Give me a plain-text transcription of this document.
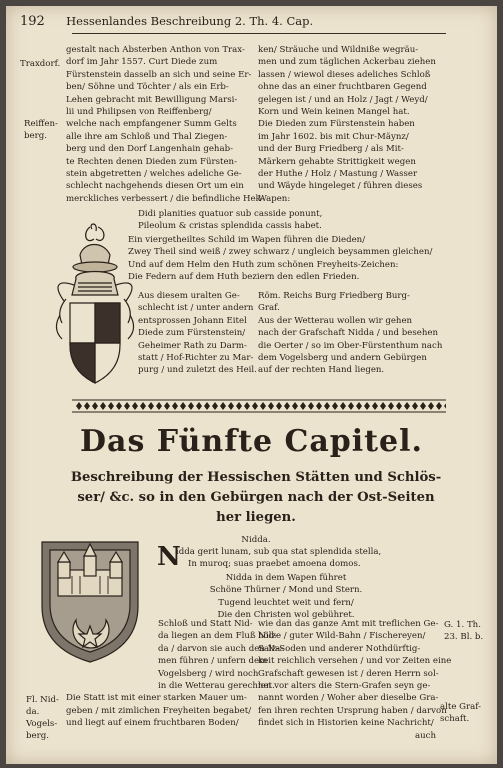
192 Hessenlandes Beschreibung 2. Th. 4. Cap.
Traxdorf.
Reiffen-
berg.
Fl. Nid-
da.
Vogels-
berg.
G. 1. Th.
23. Bl. b.
alte Graf-
schaft.
gestalt nach Absterben Anthon von Trax-
dorf im Jahr 1557. Curt Diede zum
Fürstenstein dasselb an sich und seine Er-
ben/ Söhne und Töchter / als ein Erb-
Lehen gebracht mit Bewilligung Marsi-
lii und Philipsen von Reiffenberg/
welche nach empfangener Summ Gelts
alle ihre am Schloß und Thal Ziegen-
berg und den Dorf Langenhain gehab-
te Rechten denen Dieden zum Fürsten-
stein abgetretten / welches adeliche Ge-
schlecht nachgehends diesen Ort um ein
merckliches verbessert / die befindliche Hek-
ken/ Sträuche und Wildniße wegräu-
men und zum täglichen Ackerbau ziehen
lassen / wiewol dieses adeliches Schloß
ohne das an einer fruchtbaren Gegend
gelegen ist / und an Holz / Jagt / Weyd/
Korn und Wein keinen Mangel hat.
Die Dieden zum Fürstenstein haben
im Jahr 1602. bis mit Chur-Mäynz/
und der Burg Friedberg / als Mit-
Märkern gehabte Strittigkeit wegen
der Huthe / Holz / Mastung / Wasser
und Wäyde hingeleget / führen dieses
Wapen:
Didi planities quatuor sub casside ponunt,
Pileolum & cristas splendida cassis habet.
Ein viergetheiltes Schild im Wapen führen die Dieden/
Zwey Theil sind weiß / zwey schwarz / ungleich beysammen gleichen/
Und auf dem Helm den Huth zum schönen Freyheits-Zeichen:
Die Federn auf dem Huth beziern den edlen Frieden.
Aus diesem uralten Ge-
schlecht ist / unter andern
entsprossen Johann Eitel
Diede zum Fürstenstein/
Geheimer Rath zu Darm-
statt / Hof-Richter zu Mar-
purg / und zuletzt des Heil.
Röm. Reichs Burg Friedberg Burg-
Graf.
Aus der Wetterau wollen wir gehen
nach der Grafschaft Nidda / und besehen
die Oerter / so im Ober-Fürstenthum nach
dem Vogelsberg und andern Gebürgen
auf der rechten Hand liegen.
Das Fünfte Capitel.
Beschreibung der Hessischen Stätten und Schlös-
ser/ &c. so in den Gebürgen nach der Ost-Seiten
her liegen.
Nidda.
N
idda gerit lunam, sub qua stat splendida stella,
In muroq; suas praebet amoena domos.
Nidda in dem Wapen führet
Schöne Thürner / Mond und Stern.
Tugend leuchtet weit und fern/
Die den Christen wol gebühret.
Schloß und Statt Nid-
da liegen an dem Fluß Nid-
da / darvon sie auch den Na-
men führen / unfern dem
Vogelsberg / wird noch
in die Wetterau gerechnet.
Die Statt ist mit einer starken Mauer um-
geben / mit zimlichen Freyheiten begabet/
und liegt auf einem fruchtbaren Boden/
wie dan das ganze Amt mit treflichen Ge-
hölze / guter Wild-Bahn / Fischereyen/
Salz-Soden und anderer Nothdürftig-
keit reichlich versehen / und vor Zeiten eine
Grafschaft gewesen ist / deren Herrn sol-
len vor alters die Stern-Grafen seyn ge-
nannt worden / Woher aber dieselbe Gra-
fen ihren rechten Ursprung haben / darvon
findet sich in Historien keine Nachricht/
auch
